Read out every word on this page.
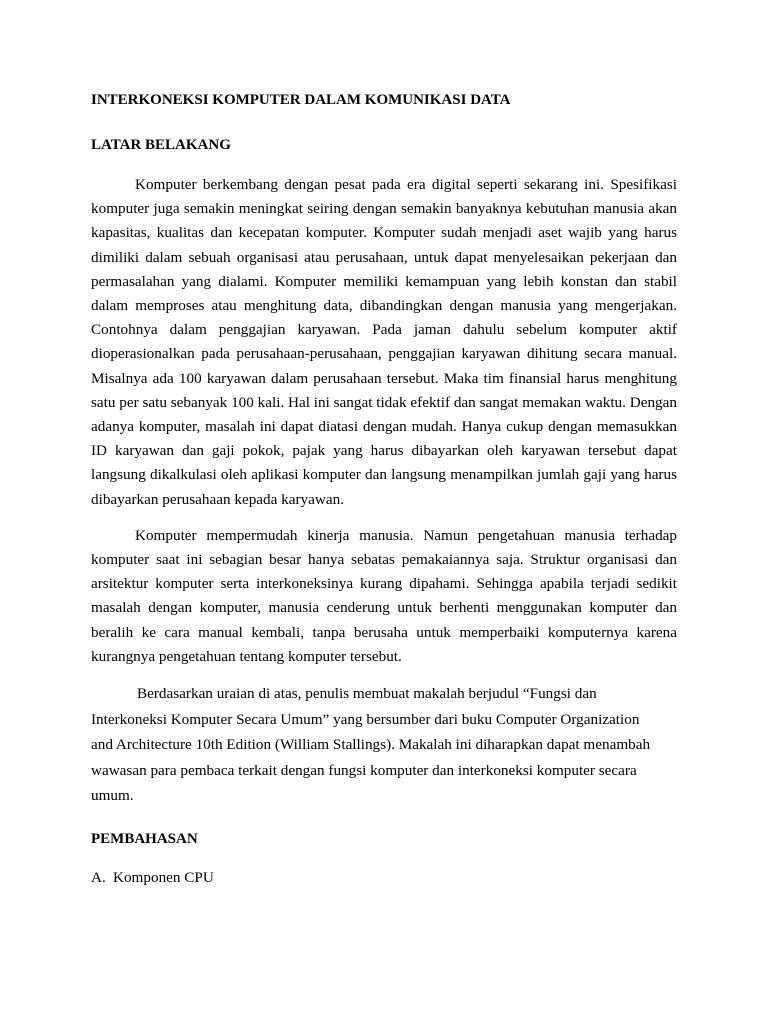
INTERKONEKSI KOMPUTER DALAM KOMUNIKASI DATA
LATAR BELAKANG

Komputer berkembang dengan pesat pada era digital seperti sekarang ini. Spesifikasi komputer juga semakin meningkat seiring dengan semakin banyaknya kebutuhan manusia akan kapasitas, kualitas dan kecepatan komputer. Komputer sudah menjadi aset wajib yang harus dimiliki dalam sebuah organisasi atau perusahaan, untuk dapat menyelesaikan pekerjaan dan permasalahan yang dialami. Komputer memiliki kemampuan yang lebih konstan dan stabil dalam memproses atau menghitung data, dibandingkan dengan manusia yang mengerjakan. Contohnya dalam penggajian karyawan. Pada jaman dahulu sebelum komputer aktif dioperasionalkan pada perusahaan-perusahaan, penggajian karyawan dihitung secara manual. Misalnya ada 100 karyawan dalam perusahaan tersebut. Maka tim finansial harus menghitung satu per satu sebanyak 100 kali. Hal ini sangat tidak efektif dan sangat memakan waktu. Dengan adanya komputer, masalah ini dapat diatasi dengan mudah. Hanya cukup dengan memasukkan ID karyawan dan gaji pokok, pajak yang harus dibayarkan oleh karyawan tersebut dapat langsung dikalkulasi oleh aplikasi komputer dan langsung menampilkan jumlah gaji yang harus dibayarkan perusahaan kepada karyawan.

Komputer mempermudah kinerja manusia. Namun pengetahuan manusia terhadap komputer saat ini sebagian besar hanya sebatas pemakaiannya saja. Struktur organisasi dan arsitektur komputer serta interkoneksinya kurang dipahami. Sehingga apabila terjadi sedikit masalah dengan komputer, manusia cenderung untuk berhenti menggunakan komputer dan beralih ke cara manual kembali, tanpa berusaha untuk memperbaiki komputernya karena kurangnya pengetahuan tentang komputer tersebut.

Berdasarkan uraian di atas, penulis membuat makalah berjudul “Fungsi dan Interkoneksi Komputer Secara Umum” yang bersumber dari buku Computer Organization and Architecture 10th Edition (William Stallings). Makalah ini diharapkan dapat menambah wawasan para pembaca terkait dengan fungsi komputer dan interkoneksi komputer secara umum.

PEMBAHASAN
A. Komponen CPU
